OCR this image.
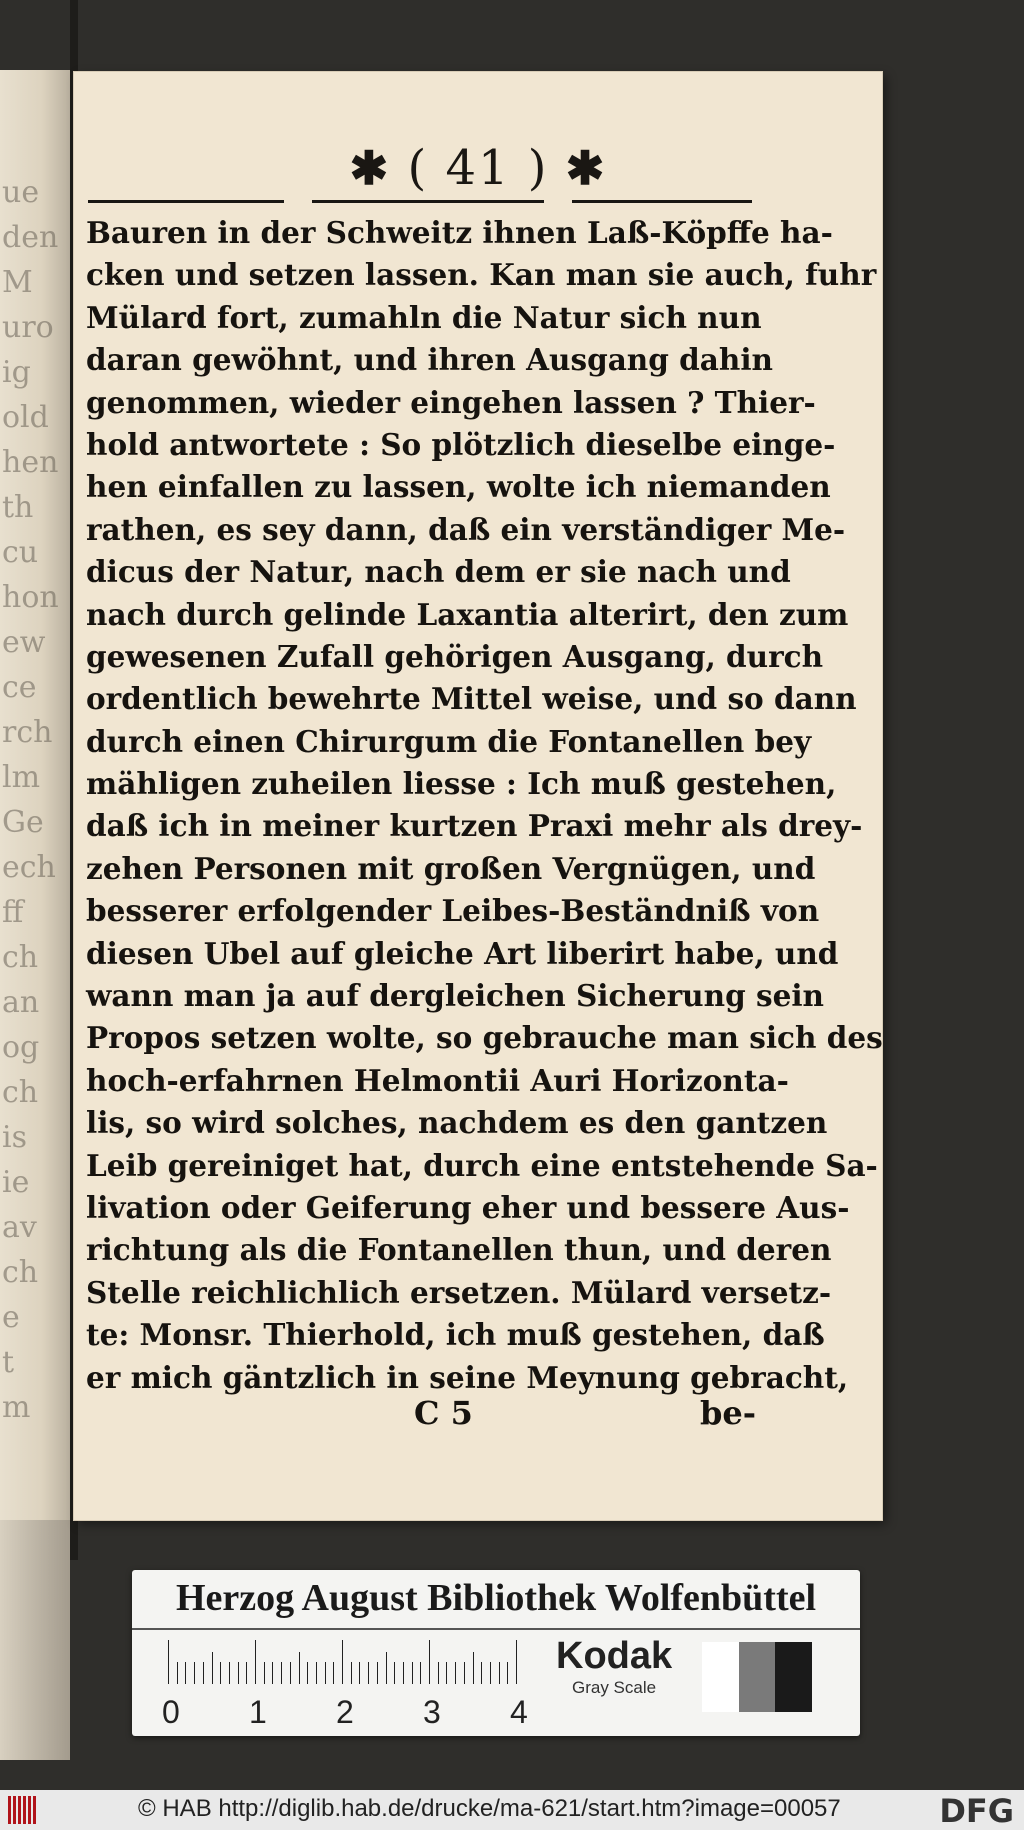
ue
den
M
uro
ig
old
hen
th
cu
hon
ew
ce
rch
lm
Ge
ech
ff
ch
an
og
ch
is
ie
av
ch
e
t
m
✱ ( 41 ) ✱
Bauren in der Schweitz ihnen Laß-Köpffe ha-
cken und setzen lassen. Kan man sie auch, fuhr
Mülard fort, zumahln die Natur sich nun
daran gewöhnt, und ihren Ausgang dahin
genommen, wieder eingehen lassen ? Thier-
hold antwortete : So plötzlich dieselbe einge-
hen einfallen zu lassen, wolte ich niemanden
rathen, es sey dann, daß ein verständiger Me-
dicus der Natur, nach dem er sie nach und
nach durch gelinde Laxantia alterirt, den zum
gewesenen Zufall gehörigen Ausgang, durch
ordentlich bewehrte Mittel weise, und so dann
durch einen Chirurgum die Fontanellen bey
mähligen zuheilen liesse : Ich muß gestehen,
daß ich in meiner kurtzen Praxi mehr als drey-
zehen Personen mit großen Vergnügen, und
besserer erfolgender Leibes-Beständniß von
diesen Ubel auf gleiche Art liberirt habe, und
wann man ja auf dergleichen Sicherung sein
Propos setzen wolte, so gebrauche man sich des
hoch-erfahrnen Helmontii Auri Horizonta-
lis, so wird solches, nachdem es den gantzen
Leib gereiniget hat, durch eine entstehende Sa-
livation oder Geiferung eher und bessere Aus-
richtung als die Fontanellen thun, und deren
Stelle reichlichlich ersetzen. Mülard versetz-
te: Monsr. Thierhold, ich muß gestehen, daß
er mich gäntzlich in seine Meynung gebracht,
C 5	be-
Herzog August Bibliothek Wolfenbüttel
0 1 2 3 4
Kodak
Gray Scale
© HAB http://diglib.hab.de/drucke/ma-621/start.htm?image=00057	DFG
